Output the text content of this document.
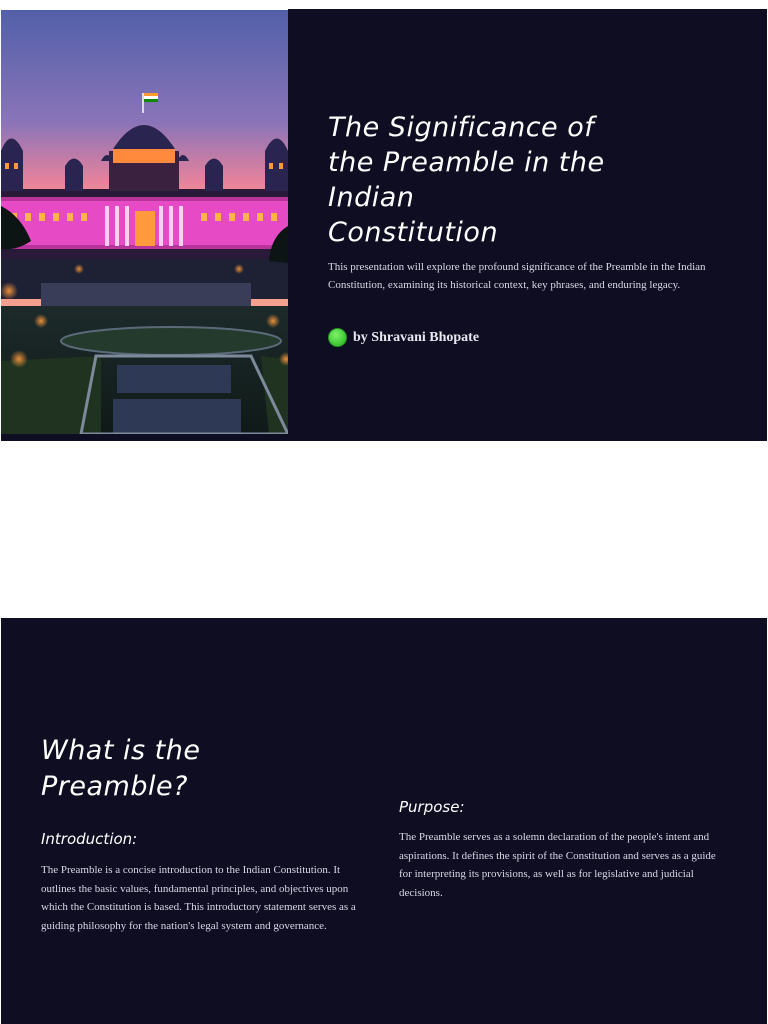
The Significance of
the Preamble in the
Indian
Constitution

This presentation will explore the profound significance of the Preamble in the Indian Constitution, examining its historical context, key phrases, and enduring legacy.

by Shravani Bhopate
What is the
Preamble?
Introduction:

The Preamble is a concise introduction to the Indian Constitution. It outlines the basic values, fundamental principles, and objectives upon which the Constitution is based. This introductory statement serves as a guiding philosophy for the nation's legal system and governance.

Purpose:

The Preamble serves as a solemn declaration of the people's intent and aspirations. It defines the spirit of the Constitution and serves as a guide for interpreting its provisions, as well as for legislative and judicial decisions.
